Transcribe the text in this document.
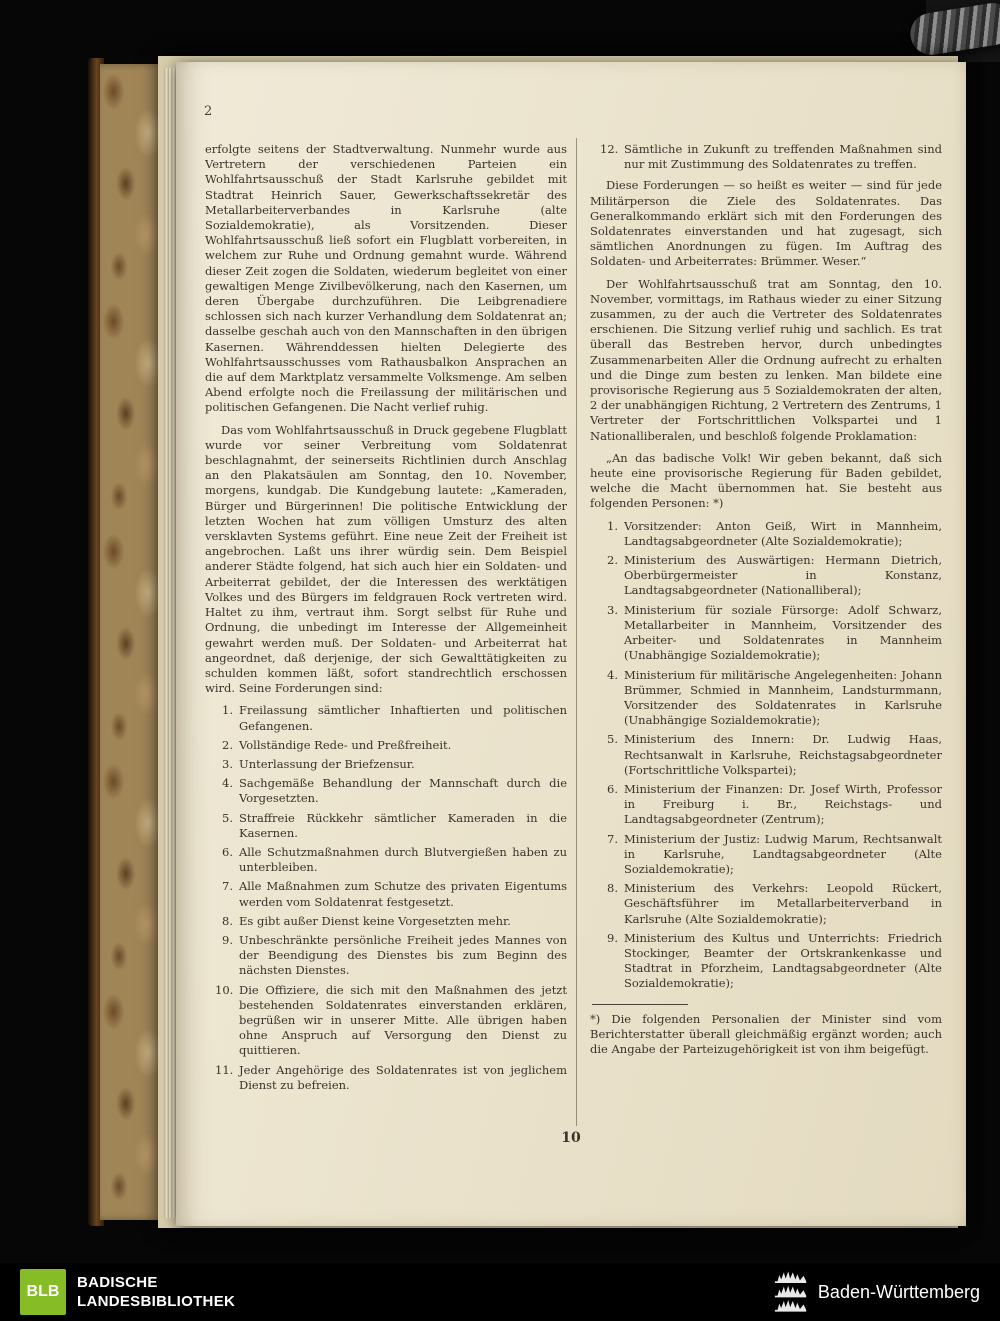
2

erfolgte seitens der Stadtverwaltung. Nunmehr wurde aus Vertretern der verschiedenen Parteien ein Wohlfahrtsausschuß der Stadt Karlsruhe gebildet mit Stadtrat Heinrich Sauer, Gewerkschaftssekretär des Metallarbeiterverbandes in Karlsruhe (alte Sozialdemokratie), als Vorsitzenden. Dieser Wohlfahrtsausschuß ließ sofort ein Flugblatt vorbereiten, in welchem zur Ruhe und Ordnung gemahnt wurde. Während dieser Zeit zogen die Soldaten, wiederum begleitet von einer gewaltigen Menge Zivilbevölkerung, nach den Kasernen, um deren Übergabe durchzuführen. Die Leibgrenadiere schlossen sich nach kurzer Verhandlung dem Soldatenrat an; dasselbe geschah auch von den Mannschaften in den übrigen Kasernen. Währenddessen hielten Delegierte des Wohlfahrtsausschusses vom Rathausbalkon Ansprachen an die auf dem Marktplatz versammelte Volksmenge. Am selben Abend erfolgte noch die Freilassung der militärischen und politischen Gefangenen. Die Nacht verlief ruhig.

Das vom Wohlfahrtsausschuß in Druck gegebene Flugblatt wurde vor seiner Verbreitung vom Soldatenrat beschlagnahmt, der seinerseits Richtlinien durch Anschlag an den Plakatsäulen am Sonntag, den 10. November, morgens, kundgab. Die Kundgebung lautete: „Kameraden, Bürger und Bürgerinnen! Die politische Entwicklung der letzten Wochen hat zum völligen Umsturz des alten versklavten Systems geführt. Eine neue Zeit der Freiheit ist angebrochen. Laßt uns ihrer würdig sein. Dem Beispiel anderer Städte folgend, hat sich auch hier ein Soldaten- und Arbeiterrat gebildet, der die Interessen des werktätigen Volkes und des Bürgers im feldgrauen Rock vertreten wird. Haltet zu ihm, vertraut ihm. Sorgt selbst für Ruhe und Ordnung, die unbedingt im Interesse der Allgemeinheit gewahrt werden muß. Der Soldaten- und Arbeiterrat hat angeordnet, daß derjenige, der sich Gewalttätigkeiten zu schulden kommen läßt, sofort standrechtlich erschossen wird. Seine Forderungen sind:

1. Freilassung sämtlicher Inhaftierten und politischen Gefangenen.
2. Vollständige Rede- und Preßfreiheit.
3. Unterlassung der Briefzensur.
4. Sachgemäße Behandlung der Mannschaft durch die Vorgesetzten.
5. Straffreie Rückkehr sämtlicher Kameraden in die Kasernen.
6. Alle Schutzmaßnahmen durch Blutvergießen haben zu unterbleiben.
7. Alle Maßnahmen zum Schutze des privaten Eigentums werden vom Soldatenrat festgesetzt.
8. Es gibt außer Dienst keine Vorgesetzten mehr.
9. Unbeschränkte persönliche Freiheit jedes Mannes von der Beendigung des Dienstes bis zum Beginn des nächsten Dienstes.
10. Die Offiziere, die sich mit den Maßnahmen des jetzt bestehenden Soldatenrates einverstanden erklären, begrüßen wir in unserer Mitte. Alle übrigen haben ohne Anspruch auf Versorgung den Dienst zu quittieren.
11. Jeder Angehörige des Soldatenrates ist von jeglichem Dienst zu befreien.
12. Sämtliche in Zukunft zu treffenden Maßnahmen sind nur mit Zustimmung des Soldatenrates zu treffen.

Diese Forderungen — so heißt es weiter — sind für jede Militärperson die Ziele des Soldatenrates. Das Generalkommando erklärt sich mit den Forderungen des Soldatenrates einverstanden und hat zugesagt, sich sämtlichen Anordnungen zu fügen. Im Auftrag des Soldaten- und Arbeiterrates: Brümmer. Weser.“

Der Wohlfahrtsausschuß trat am Sonntag, den 10. November, vormittags, im Rathaus wieder zu einer Sitzung zusammen, zu der auch die Vertreter des Soldatenrates erschienen. Die Sitzung verlief ruhig und sachlich. Es trat überall das Bestreben hervor, durch unbedingtes Zusammenarbeiten Aller die Ordnung aufrecht zu erhalten und die Dinge zum besten zu lenken. Man bildete eine provisorische Regierung aus 5 Sozialdemokraten der alten, 2 der unabhängigen Richtung, 2 Vertretern des Zentrums, 1 Vertreter der Fortschrittlichen Volkspartei und 1 Nationalliberalen, und beschloß folgende Proklamation:

„An das badische Volk! Wir geben bekannt, daß sich heute eine provisorische Regierung für Baden gebildet, welche die Macht übernommen hat. Sie besteht aus folgenden Personen: *)

1. Vorsitzender: Anton Geiß, Wirt in Mannheim, Landtagsabgeordneter (Alte Sozialdemokratie);
2. Ministerium des Auswärtigen: Hermann Dietrich, Oberbürgermeister in Konstanz, Landtagsabgeordneter (Nationalliberal);
3. Ministerium für soziale Fürsorge: Adolf Schwarz, Metallarbeiter in Mannheim, Vorsitzender des Arbeiter- und Soldatenrates in Mannheim (Unabhängige Sozialdemokratie);
4. Ministerium für militärische Angelegenheiten: Johann Brümmer, Schmied in Mannheim, Landsturmmann, Vorsitzender des Soldatenrates in Karlsruhe (Unabhängige Sozialdemokratie);
5. Ministerium des Innern: Dr. Ludwig Haas, Rechtsanwalt in Karlsruhe, Reichstagsabgeordneter (Fortschrittliche Volkspartei);
6. Ministerium der Finanzen: Dr. Josef Wirth, Professor in Freiburg i. Br., Reichstags- und Landtagsabgeordneter (Zentrum);
7. Ministerium der Justiz: Ludwig Marum, Rechtsanwalt in Karlsruhe, Landtagsabgeordneter (Alte Sozialdemokratie);
8. Ministerium des Verkehrs: Leopold Rückert, Geschäftsführer im Metallarbeiterverband in Karlsruhe (Alte Sozialdemokratie);
9. Ministerium des Kultus und Unterrichts: Friedrich Stockinger, Beamter der Ortskrankenkasse und Stadtrat in Pforzheim, Landtagsabgeordneter (Alte Sozialdemokratie);

*) Die folgenden Personalien der Minister sind vom Berichterstatter überall gleichmäßig ergänzt worden; auch die Angabe der Parteizugehörigkeit ist von ihm beigefügt.

10
BLB
BADISCHE
LANDESBIBLIOTHEK	Baden-Württemberg
